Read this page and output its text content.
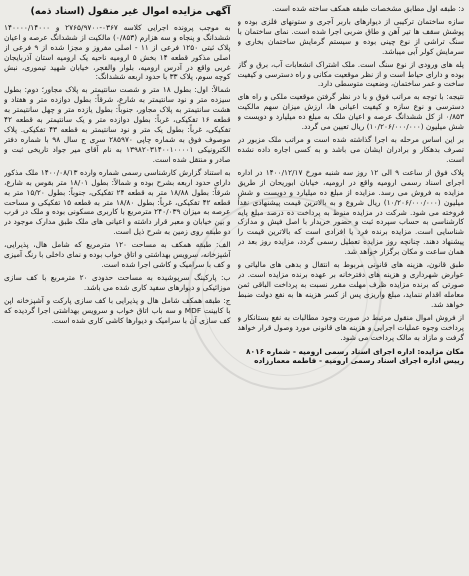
آگهی مزایده اموال غیر منقول (اسناد ذمه)

به موجب پرونده اجرایی کلاسه ۰۳۶۷-۲۷۶۵/۹۷۰۰ و ۱۴۰۰۰۰/۱۴۰۰۰ ششدانگ و پنجاه و سه هزارم (۰/۸۵۳) مالکیت از ششدانگ عرصه و اعیان پلاک ثبتی ۱۲۵۰ فرعی از ۱۱ - اصلی مفروز و مجزا شده از ۹ فرعی از اصلی مذکور قطعه ۱۴ بخش ۵ ارومیه ناحیه یک ارومیه استان آذربایجان غربی واقع در آدرس ارومیه، بلوار والفجر، خیابان شهید تیموری، نبش کوچه سوم، پلاک ۳۳ با حدود اربعه ششدانگ:

شمالاً: اول: بطول ۱۸ متر و شصت سانتیمتر به پلاک مجاور؛ دوم: بطول سیزده متر و نود سانتیمتر به شارع، شرقاً: بطول دوازده متر و هفتاد و هشت سانتیمتر به پلاک مجاور، جنوباً: بطول یازده متر و چهل سانتیمتر به قطعه ۱۶ تفکیکی، غرباً: بطول دوازده متر و یک سانتیمتر به قطعه ۴۲ تفکیکی، غرباً: بطول یک متر و نود سانتیمتر به قطعه ۴۳ تفکیکی. پلاک موصوف فوق به شماره چاپی ۲۸۵۹۷۰ سری ج سال ۹۸ با شماره دفتر الکترونیکی ۱۳۹۸۲۰۳۱۴۰۰۱۰۰۰۰۱ به نام آقای میر جواد تاریخی ثبت و صادر و منتقل شده است.

به استناد گزارش کارشناسی رسمی شماره وارده ۱۴۰۰/۰۸/۱۳ ملک مذکور دارای حدود اربعه بشرح بوده و شمالاً: بطول ۱۸/۰۱ متر بقوس به شارع، شرقاً: بطول ۱۸/۸۸ متر به قطعه ۲۴ تفکیکی، جنوباً: بطول ۱۵/۲۰ متر به قطعه ۴۲ تفکیکی، غرباً: بطول ۱۸/۸۰ متر به قطعه ۱۵ تفکیکی و مساحت عرصه به میزان ۲۴۰/۰۳۹ مترمربع با کاربری مسکونی بوده و ملک در قرب و بین خیابان و معبر قرار داشته و اعیانی های ملک طبق مدارک موجود در دو طبقه روی زمین به شرح ذیل است.

الف: طبقه همکف به مساحت ۱۲۰ مترمربع که شامل هال، پذیرایی، آشپزخانه، سرویس بهداشتی و اتاق خواب بوده و نمای داخلی با رنگ آمیزی و کف با سرامیک و کاشی اجرا شده است.

ب: پارکینگ سرپوشیده به مساحت حدودی ۲۰ مترمربع با کف سازی موزائیکی و دیوارهای سفید کاری شده می باشد.

ج: طبقه همکف شامل هال و پذیرایی با کف سازی پارکت و آشپزخانه اپن با کابینت MDF و سه باب اتاق خواب و سرویس بهداشتی اجرا گردیده که کف سازی آن با سرامیک و دیوارها کاشی کاری شده است.

د: طبقه اول مطابق مشخصات طبقه همکف ساخته شده است.

سازه ساختمان ترکیبی از دیوارهای باربر آجری و ستونهای فلزی بوده و پوشش سقف ها تیر آهن و طاق ضربی اجرا شده است. نمای ساختمان با سنگ تراشی از نوع چینی بوده و سیستم گرمایش ساختمان بخاری و سرمایش کولر آبی میباشد.

پله های ورودی از نوع سنگ است. ملک اشتراک انشعابات آب، برق و گاز بوده و دارای حیاط است و از نظر موقعیت مکانی و راه دسترسی و کیفیت ساخت و عمر ساختمان، وضعیت متوسطی دارد.

نتیجه: با توجه به مراتب فوق و با در نظر گرفتن موقعیت ملکی و راه های دسترسی و نوع سازه و کیفیت اعیانی ها، ارزش میزان سهم مالکیت ۰/۸۵۳ از کل ششدانگ عرصه و اعیان ملک به مبلغ ده میلیارد و دویست و شش میلیون (۱۰/۲۰۶/۰۰۰/۰۰۰) ریال تعیین می گردد.

بر این اساس مرحله به اجرا گذاشته شده است و مراتب ملک مزبور در تصرف بدهکار و برادران ایشان می باشد و به کسی اجاره داده نشده است.

پلاک فوق از ساعت ۹ الی ۱۲ روز سه شنبه مورخ ۱۴۰۰/۱۲/۱۷ در اداره اجرای اسناد رسمی ارومیه واقع در ارومیه، خیابان ابوریحان از طریق مزایده به فروش می رسد. مزایده از مبلغ ده میلیارد و دویست و شش میلیون (۱۰/۲۰۶/۰۰۰/۰۰۰) ریال شروع و به بالاترین قیمت پیشنهادی نقداً فروخته می شود. شرکت در مزایده منوط به پرداخت ده درصد مبلغ پایه کارشناسی به حساب سپرده ثبت و حضور خریدار با اصل فیش و مدارک شناسایی است. مزایده برنده فرد یا افرادی است که بالاترین قیمت را پیشنهاد دهند. چنانچه روز مزایده تعطیل رسمی گردد، مزایده روز بعد در همان ساعت و مکان برگزار خواهد شد.

طبق قانون، هزینه های قانونی مربوط به انتقال و بدهی های مالیاتی و عوارض شهرداری و هزینه های دفترخانه بر عهده برنده مزایده است. در صورتی که برنده مزایده ظرف مهلت مقرر نسبت به پرداخت الباقی ثمن معامله اقدام ننماید، مبلغ واریزی پس از کسر هزینه ها به نفع دولت ضبط خواهد شد.

از فروش اموال منقول مرتبط در صورت وجود مطالبات به نفع بستانکار و پرداخت وجوه عملیات اجرایی و هزینه های قانونی مورد وصول قرار خواهد گرفت و مازاد به مالک پرداخت می شود.

مکان مزایده: اداره اجرای اسناد رسمی ارومیه - شماره ۸۰۱۶

رییس اداره اجرای اسناد رسمی ارومیه - فاطمه معمارزاده
